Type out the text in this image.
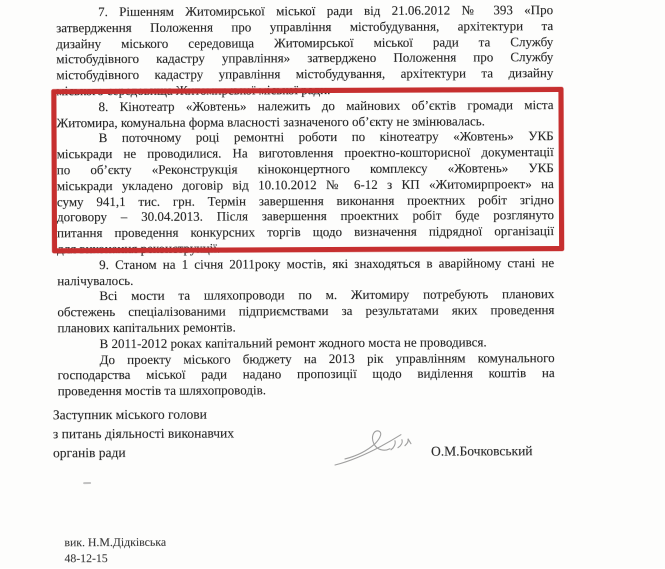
7. Рішенням Житомирської міської ради від 21.06.2012 № 393 «Про
затвердження Положення про управління містобудування, архітектури та
дизайну міського середовища Житомирської міської ради та Службу
містобудівного кадастру управління» затверджено Положення про Службу
містобудівного кадастру управління містобудування, архітектури та дизайну
міського середовища Житомирської міської ради.
8. Кінотеатр «Жовтень» належить до майнових об’єктів громади міста
Житомира, комунальна форма власності зазначеного об’єкту не змінювалась.
В поточному році ремонтні роботи по кінотеатру «Жовтень» УКБ
міськради не проводилися. На виготовлення проектно-кошторисної документації
по об’єкту «Реконструкція кіноконцертного комплексу «Жовтень» УКБ
міськради укладено договір від 10.10.2012 № 6-12 з КП «Житомирпроект» на
суму 941,1 тис. грн. Термін завершення виконання проектних робіт згідно
договору – 30.04.2013. Після завершення проектних робіт буде розглянуто
питання проведення конкурсних торгів щодо визначення підрядної організації
для виконання реконструкції.
9. Станом на 1 січня 2011року мостів, які знаходяться в аварійному стані не
налічувалось.
Всі мости та шляхопроводи по м. Житомиру потребують планових
обстежень спеціалізованими підприємствами за результатами яких проведення
планових капітальних ремонтів.
В 2011-2012 роках капітальний ремонт жодного моста не проводився.
До проекту міського бюджету на 2013 рік управлінням комунального
господарства міської ради надано пропозиції щодо виділення коштів на
проведення мостів та шляхопроводів.
Заступник міського голови
з питань діяльності виконавчих
органів ради	О.М.Бочковський
вик. Н.М.Дідківська
48-12-15
